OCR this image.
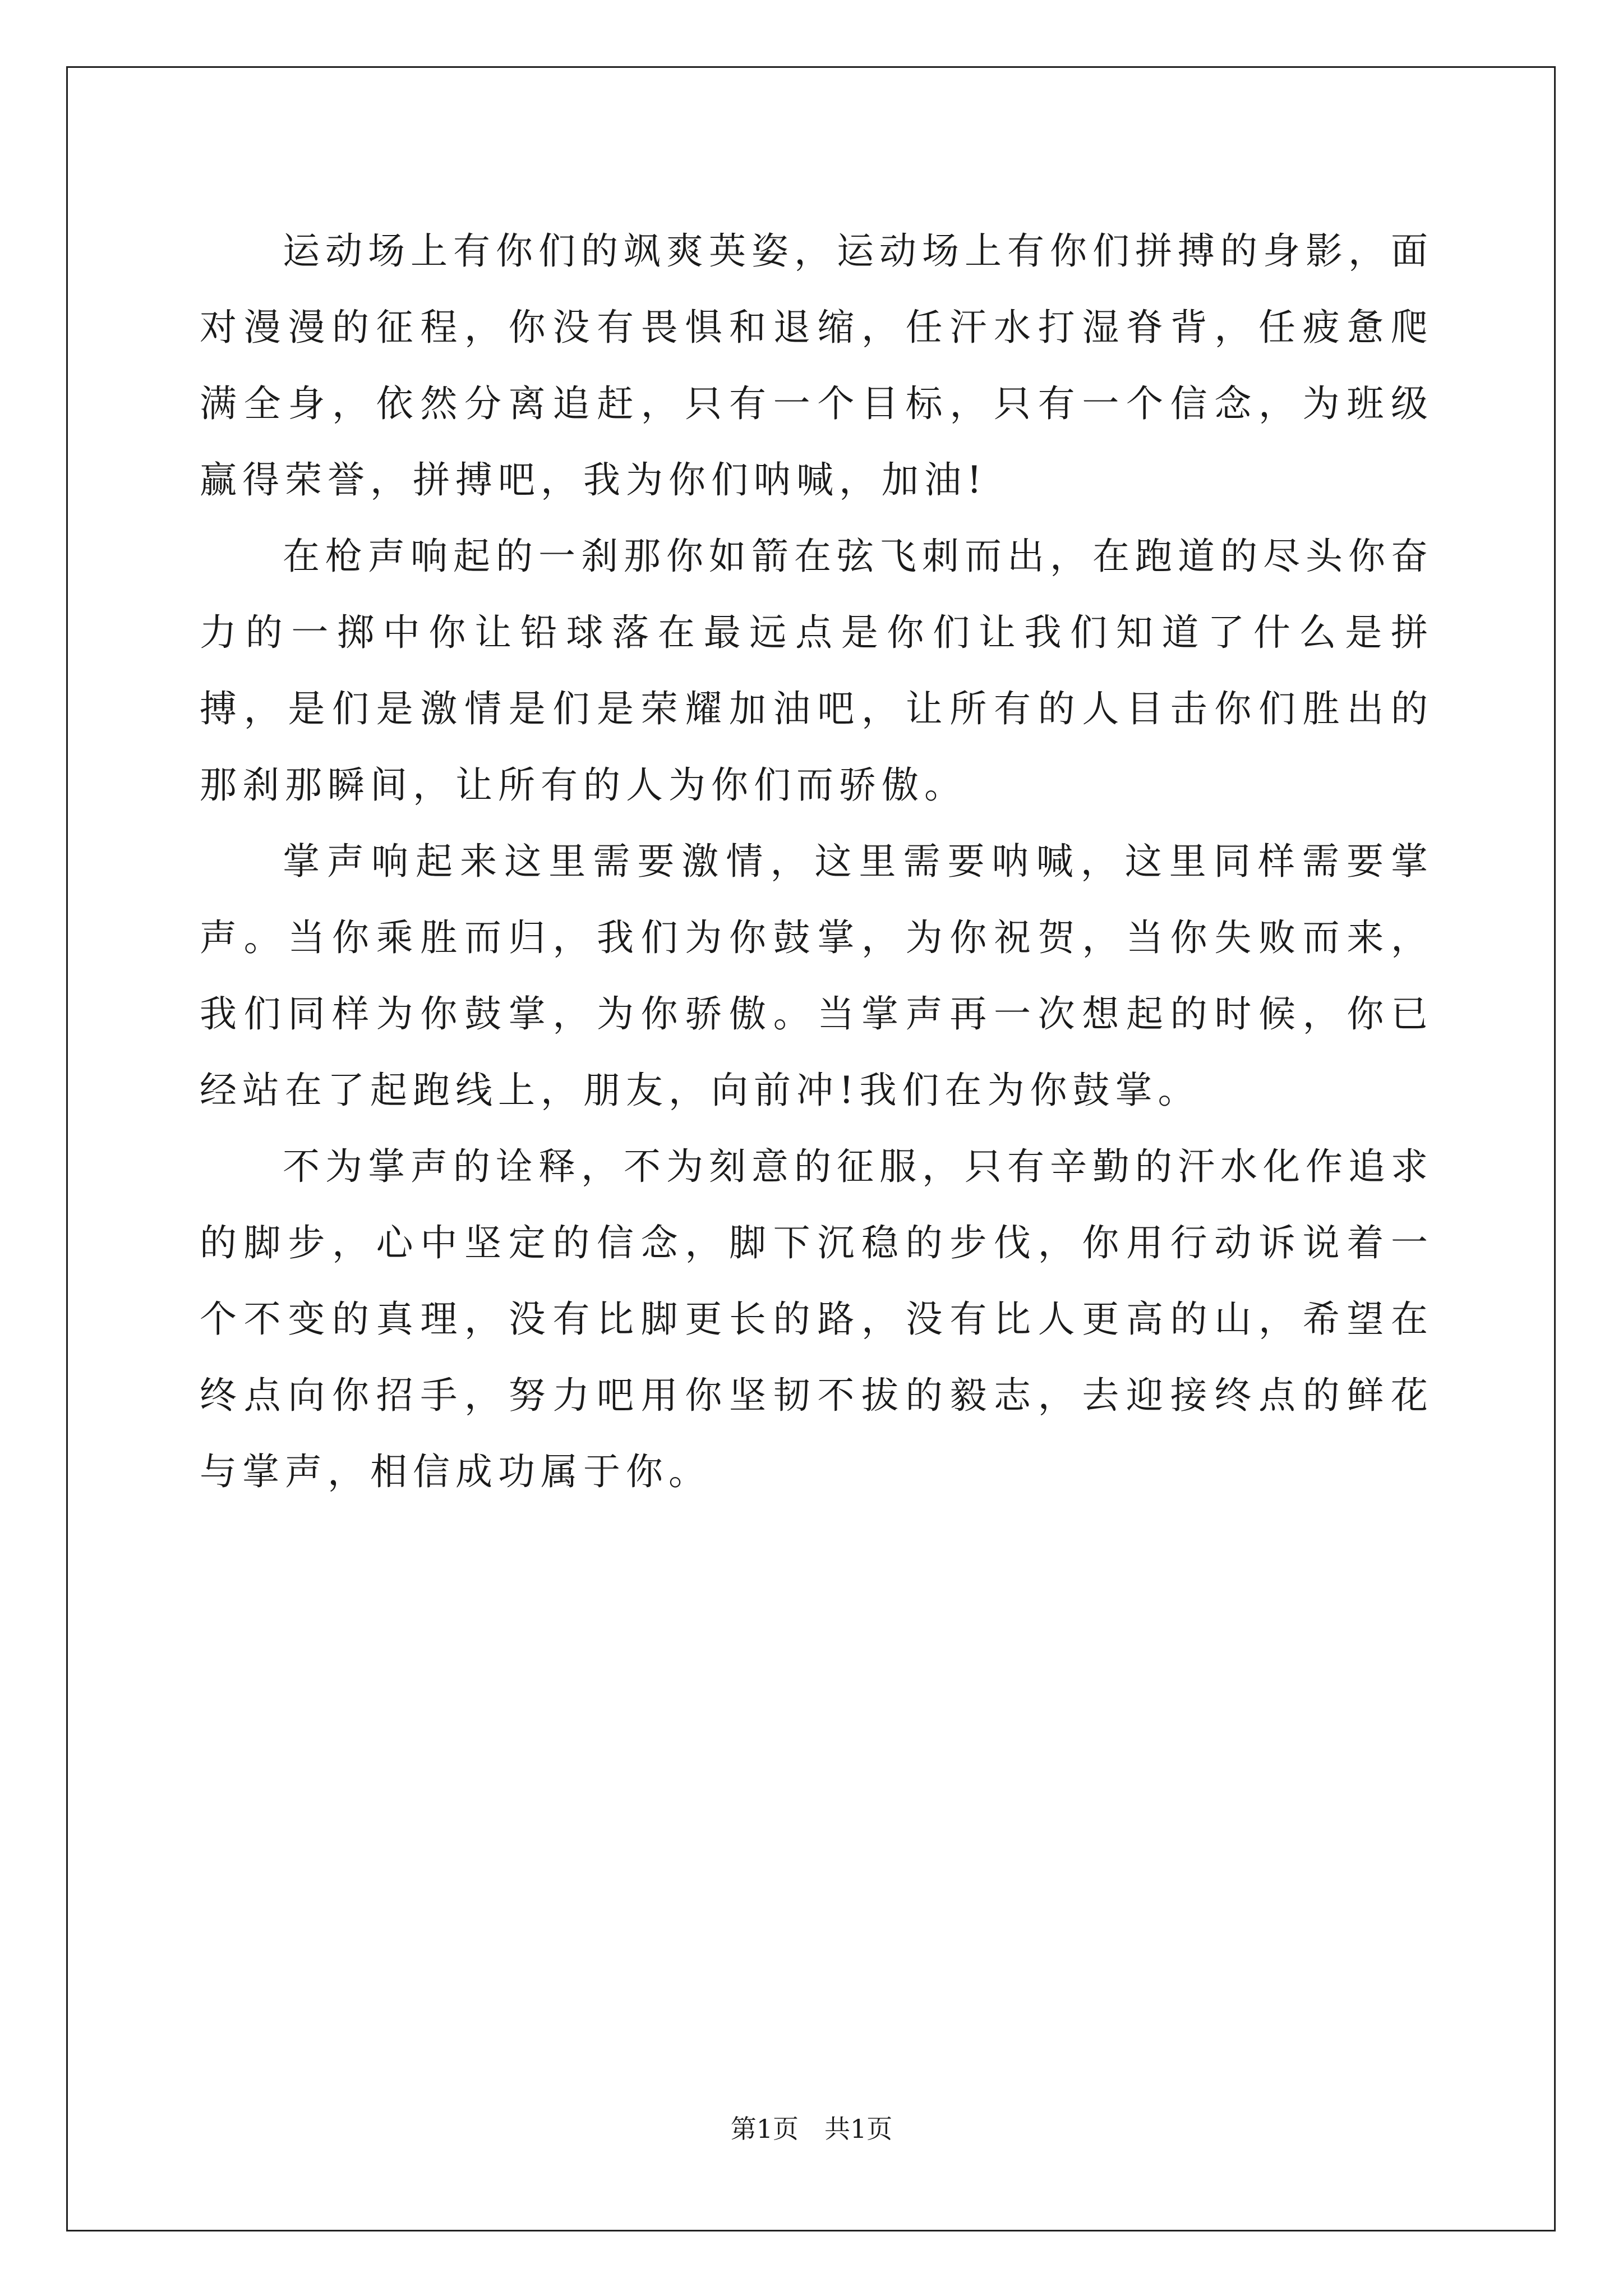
运动场上有你们的飒爽英姿，运动场上有你们拼搏的身影，面对漫漫的征程，你没有畏惧和退缩，任汗水打湿脊背，任疲惫爬满全身，依然分离追赶，只有一个目标，只有一个信念，为班级赢得荣誉，拼搏吧，我为你们呐喊，加油!

在枪声响起的一刹那你如箭在弦飞刺而出，在跑道的尽头你奋力的一掷中你让铅球落在最远点是你们让我们知道了什么是拼搏，是们是激情是们是荣耀加油吧，让所有的人目击你们胜出的那刹那瞬间，让所有的人为你们而骄傲。

掌声响起来这里需要激情，这里需要呐喊，这里同样需要掌声。当你乘胜而归，我们为你鼓掌，为你祝贺，当你失败而来，我们同样为你鼓掌，为你骄傲。当掌声再一次想起的时候，你已经站在了起跑线上，朋友，向前冲!我们在为你鼓掌。

不为掌声的诠释，不为刻意的征服，只有辛勤的汗水化作追求的脚步，心中坚定的信念，脚下沉稳的步伐，你用行动诉说着一个不变的真理，没有比脚更长的路，没有比人更高的山，希望在终点向你招手，努力吧用你坚韧不拔的毅志，去迎接终点的鲜花与掌声，相信成功属于你。

第1页　共1页
